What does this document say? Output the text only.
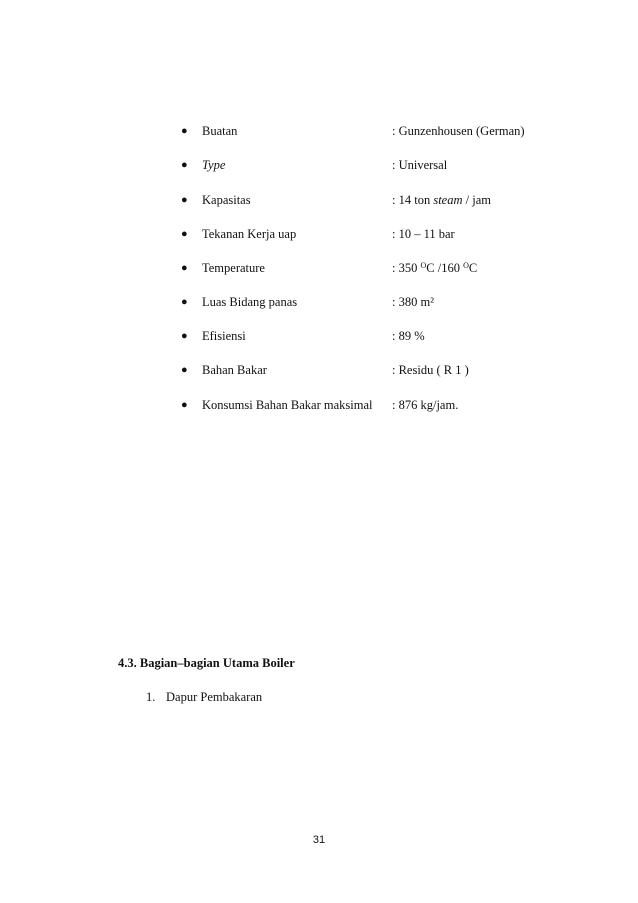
● Buatan	: Gunzenhousen (German)
● Type	: Universal
● Kapasitas	: 14 ton steam / jam
● Tekanan Kerja uap	: 10 – 11 bar
● Temperature	: 350 $^O$C /160 $^O$C
● Luas Bidang panas	: 380 m²
● Efisiensi	: 89 %
● Bahan Bakar	: Residu ( R 1 )
● Konsumsi Bahan Bakar maksimal : 876 kg/jam.
4.3. Bagian–bagian Utama Boiler
1. Dapur Pembakaran
31
